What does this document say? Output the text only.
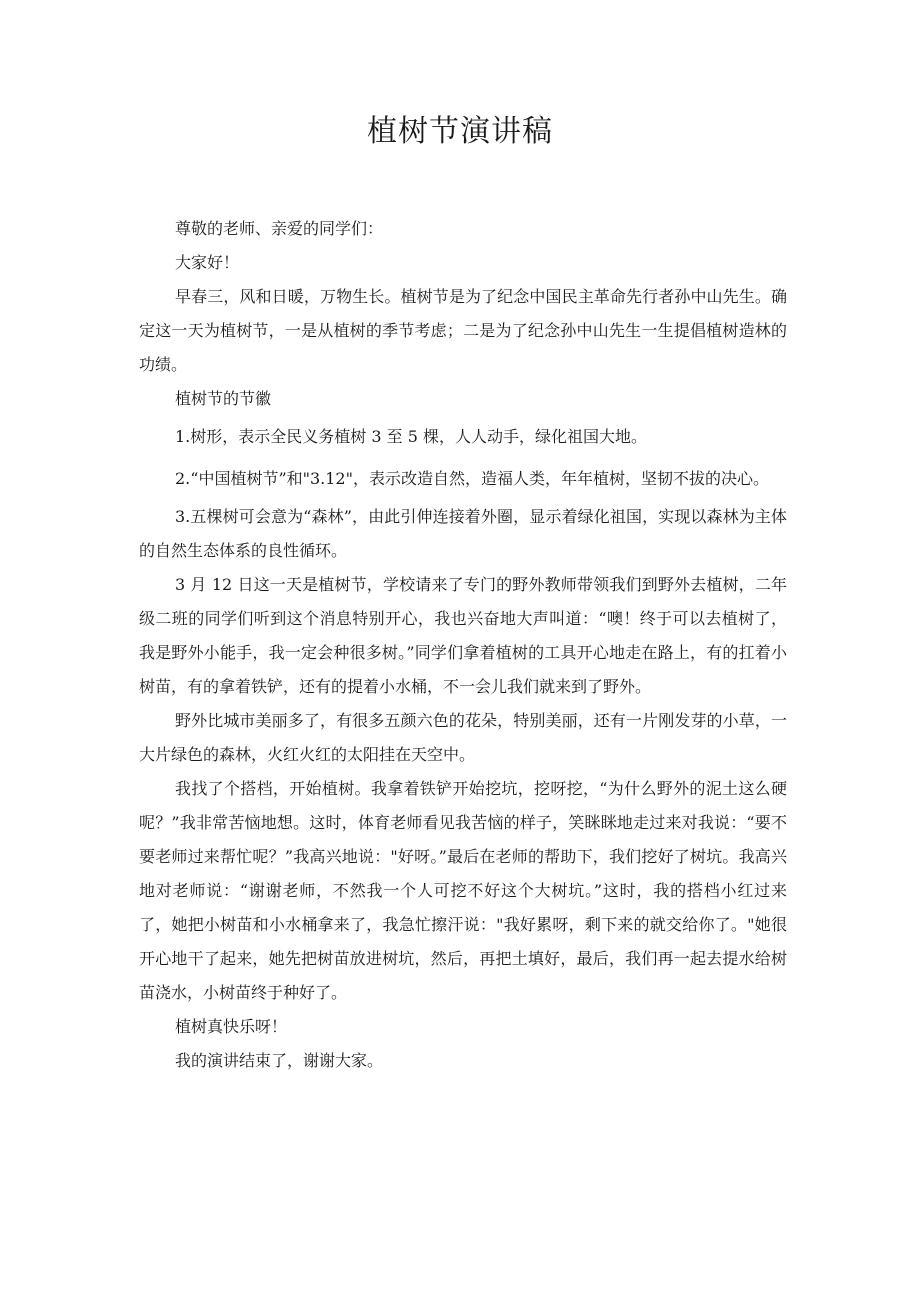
植树节演讲稿

尊敬的老师、亲爱的同学们：

大家好！

早春三，风和日暖，万物生长。植树节是为了纪念中国民主革命先行者孙中山先生。确定这一天为植树节，一是从植树的季节考虑；二是为了纪念孙中山先生一生提倡植树造林的功绩。

植树节的节徽

1.树形，表示全民义务植树 3 至 5 棵，人人动手，绿化祖国大地。

2.“中国植树节”和"3.12"，表示改造自然，造福人类，年年植树，坚韧不拔的决心。

3.五棵树可会意为“森林”，由此引伸连接着外圈，显示着绿化祖国，实现以森林为主体的自然生态体系的良性循环。

3 月 12 日这一天是植树节，学校请来了专门的野外教师带领我们到野外去植树，二年级二班的同学们听到这个消息特别开心，我也兴奋地大声叫道：“噢！终于可以去植树了，我是野外小能手，我一定会种很多树。”同学们拿着植树的工具开心地走在路上，有的扛着小树苗，有的拿着铁铲，还有的提着小水桶，不一会儿我们就来到了野外。

野外比城市美丽多了，有很多五颜六色的花朵，特别美丽，还有一片刚发芽的小草，一大片绿色的森林，火红火红的太阳挂在天空中。

我找了个搭档，开始植树。我拿着铁铲开始挖坑，挖呀挖，“为什么野外的泥土这么硬呢？”我非常苦恼地想。这时，体育老师看见我苦恼的样子，笑眯眯地走过来对我说：“要不要老师过来帮忙呢？”我高兴地说："好呀。”最后在老师的帮助下，我们挖好了树坑。我高兴地对老师说：“谢谢老师，不然我一个人可挖不好这个大树坑。”这时，我的搭档小红过来了，她把小树苗和小水桶拿来了，我急忙擦汗说："我好累呀，剩下来的就交给你了。"她很开心地干了起来，她先把树苗放进树坑，然后，再把土填好，最后，我们再一起去提水给树苗浇水，小树苗终于种好了。

植树真快乐呀！

我的演讲结束了，谢谢大家。
